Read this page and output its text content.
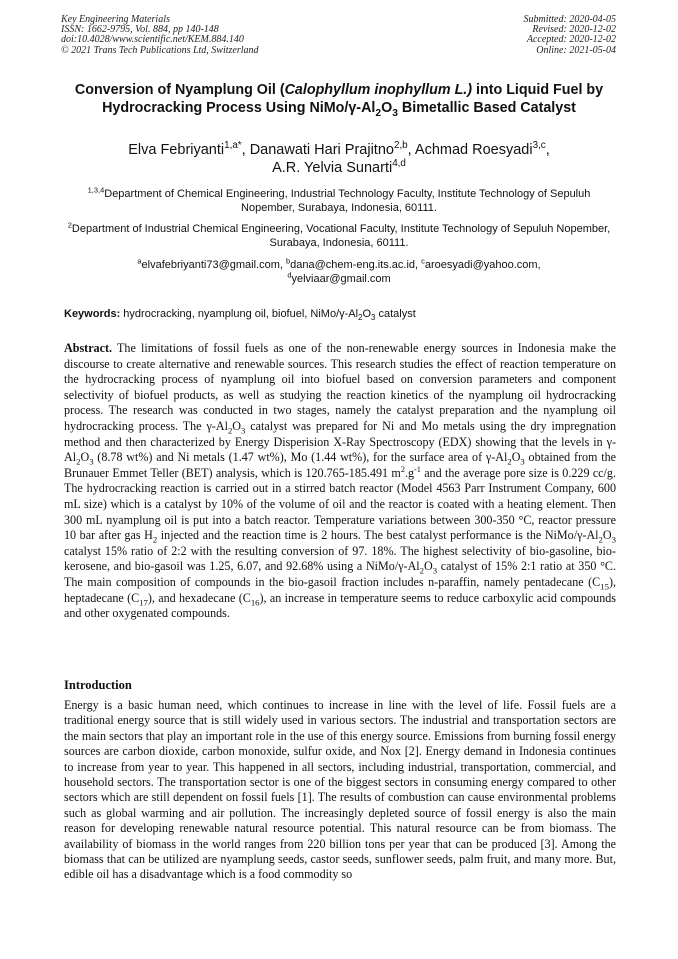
Key Engineering Materials
ISSN: 1662-9795, Vol. 884, pp 140-148
doi:10.4028/www.scientific.net/KEM.884.140
© 2021 Trans Tech Publications Ltd, Switzerland
Submitted: 2020-04-05
Revised: 2020-12-02
Accepted: 2020-12-02
Online: 2021-05-04
Conversion of Nyamplung Oil (Calophyllum inophyllum L.) into Liquid Fuel by Hydrocracking Process Using NiMo/$\gamma-Al_2O_3$ Bimetallic Based Catalyst
Elva Febriyanti$^{1,a*}$, Danawati Hari Prajitno$^{2,b}$, Achmad Roesyadi$^{3,c}$,
A.R. Yelvia Sunarti$^{4,d}$
$^{1,3,4}$Department of Chemical Engineering, Industrial Technology Faculty, Institute Technology of Sepuluh Nopember, Surabaya, Indonesia, 60111.
$^2$Department of Industrial Chemical Engineering, Vocational Faculty, Institute Technology of Sepuluh Nopember, Surabaya, Indonesia, 60111.
$^a$elvafebriyanti73@gmail.com, $^b$dana@chem-eng.its.ac.id, $^c$aroesyadi@yahoo.com,
$^d$yelviaar@gmail.com
Keywords: hydrocracking, nyamplung oil, biofuel, NiMo/$\gamma-Al_2O_3$ catalyst
Abstract. The limitations of fossil fuels as one of the non-renewable energy sources in Indonesia make the discourse to create alternative and renewable sources. This research studies the effect of reaction temperature on the hydrocracking process of nyamplung oil into biofuel based on conversion parameters and component selectivity of biofuel products, as well as studying the reaction kinetics of the nyamplung oil hydrocracking process. The research was conducted in two stages, namely the catalyst preparation and the nyamplung oil hydrocracking process. The $\gamma-Al_2O_3$ catalyst was prepared for Ni and Mo metals using the dry impregnation method and then characterized by Energy Disperision X-Ray Spectroscopy (EDX) showing that the levels in $\gamma-Al_2O_3$ (8.78 wt%) and Ni metals (1.47 wt%), Mo (1.44 wt%), for the surface area of $\gamma-Al_2O_3$ obtained from the Brunauer Emmet Teller (BET) analysis, which is 120.765-185.491 $m^2.g^{-1}$ and the average pore size is 0.229 cc/g. The hydrocracking reaction is carried out in a stirred batch reactor (Model 4563 Parr Instrument Company, 600 mL size) which is a catalyst by 10% of the volume of oil and the reactor is coated with a heating element. Then 300 mL nyamplung oil is put into a batch reactor. Temperature variations between 300-350 °C, reactor pressure 10 bar after gas $H_2$ injected and the reaction time is 2 hours. The best catalyst performance is the NiMo/$\gamma-Al_2O_3$ catalyst 15% ratio of 2:2 with the resulting conversion of 97. 18%. The highest selectivity of bio-gasoline, bio-kerosene, and bio-gasoil was 1.25, 6.07, and 92.68% using a NiMo/$\gamma-Al_2O_3$ catalyst of 15% 2:1 ratio at 350 °C. The main composition of compounds in the bio-gasoil fraction includes n-paraffin, namely pentadecane $(C_{15})$, heptadecane $(C_{17})$, and hexadecane $(C_{16})$, an increase in temperature seems to reduce carboxylic acid compounds and other oxygenated compounds.
Introduction
Energy is a basic human need, which continues to increase in line with the level of life. Fossil fuels are a traditional energy source that is still widely used in various sectors. The industrial and transportation sectors are the main sectors that play an important role in the use of this energy source. Emissions from burning fossil energy sources are carbon dioxide, carbon monoxide, sulfur oxide, and Nox [2]. Energy demand in Indonesia continues to increase from year to year. This happened in all sectors, including industrial, transportation, commercial, and household sectors. The transportation sector is one of the biggest sectors in consuming energy compared to other sectors which are still dependent on fossil fuels [1]. The results of combustion can cause environmental problems such as global warming and air pollution. The increasingly depleted source of fossil energy is also the main reason for developing renewable natural resource potential. This natural resource can be from biomass. The availability of biomass in the world ranges from 220 billion tons per year that can be produced [3]. Among the biomass that can be utilized are nyamplung seeds, castor seeds, sunflower seeds, palm fruit, and many more. But, edible oil has a disadvantage which is a food commodity so
